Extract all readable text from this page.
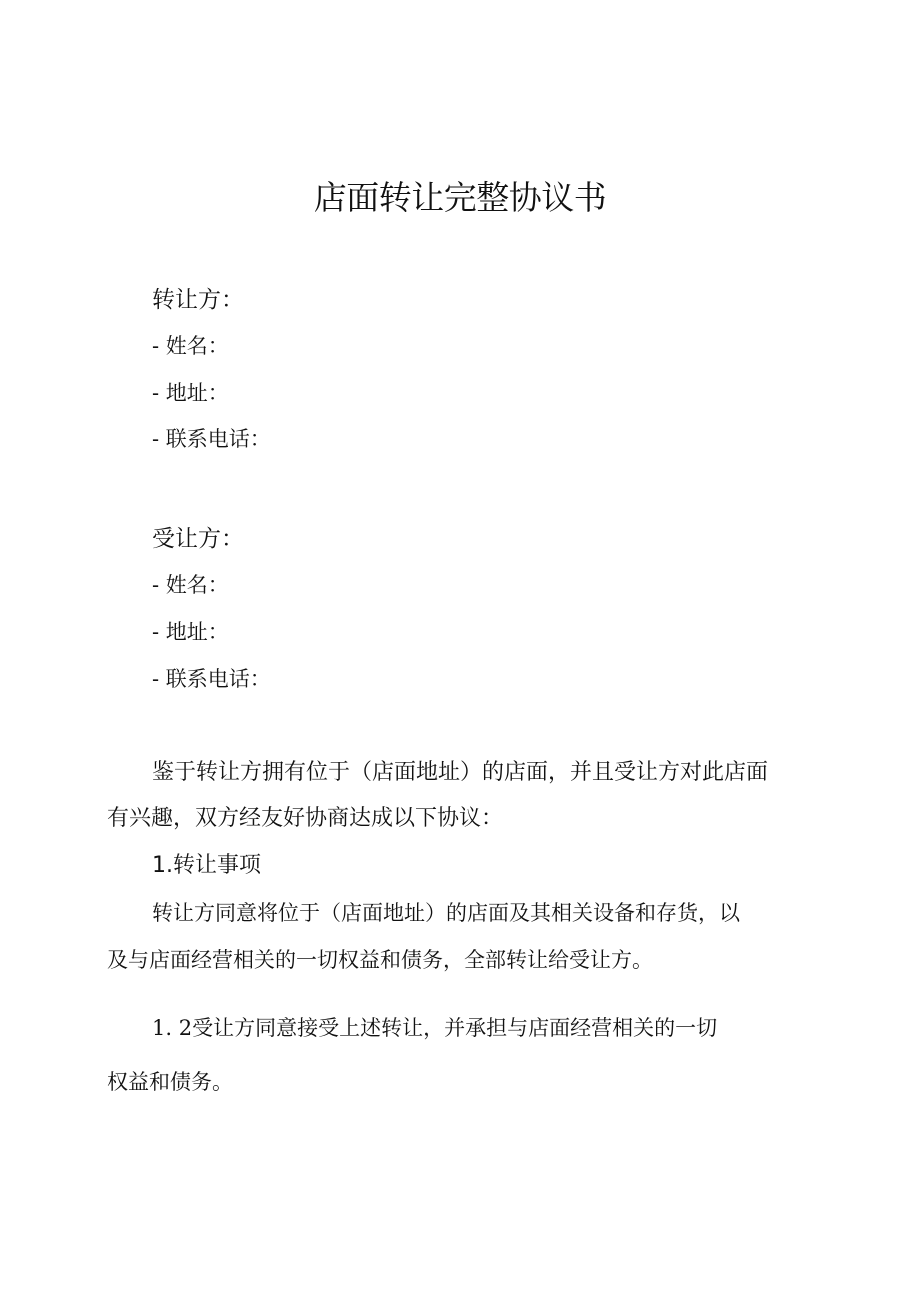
店面转让完整协议书
转让方：
- 姓名：
- 地址：
- 联系电话：
受让方：
- 姓名：
- 地址：
- 联系电话：
鉴于转让方拥有位于（店面地址）的店面，并且受让方对此店面
有兴趣，双方经友好协商达成以下协议：
1.转让事项
转让方同意将位于（店面地址）的店面及其相关设备和存货，以
及与店面经营相关的一切权益和债务，全部转让给受让方。
1. 2受让方同意接受上述转让，并承担与店面经营相关的一切
权益和债务。
